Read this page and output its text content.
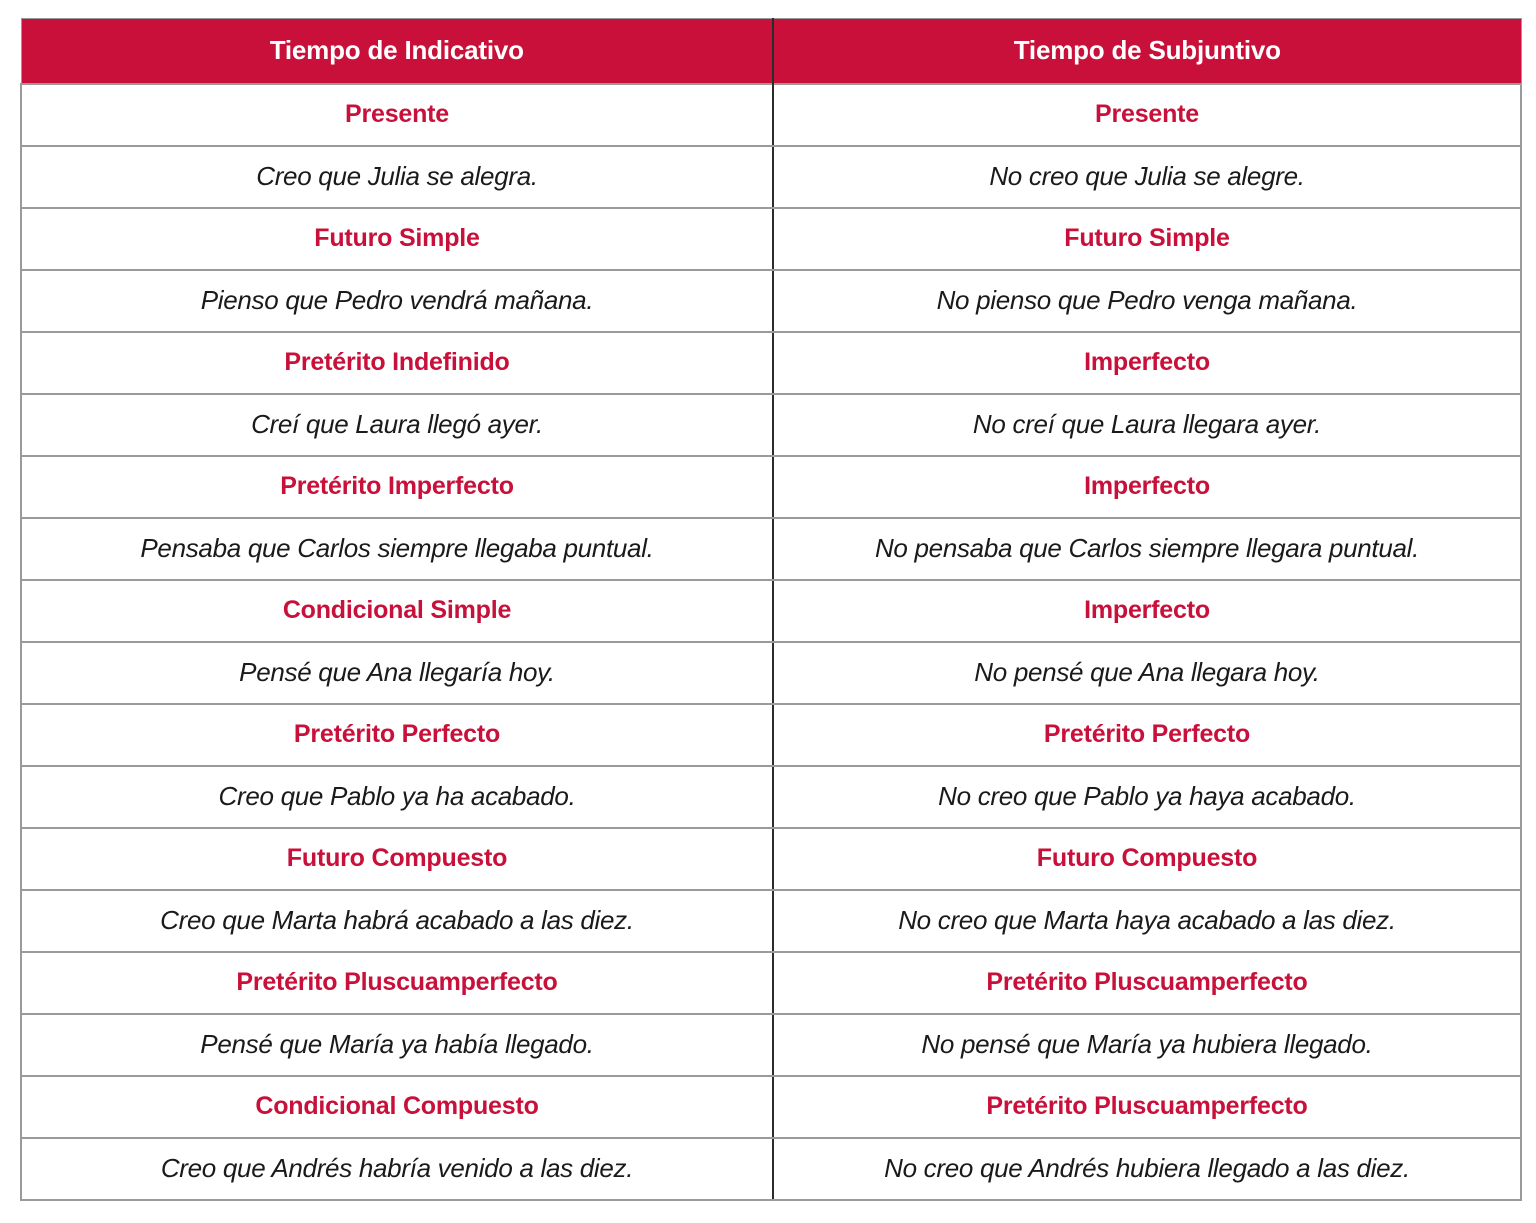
Tiempo de Indicativo	Tiempo de Subjuntivo

Presente	Presente

Creo que Julia se alegra.	No creo que Julia se alegre.

Futuro Simple	Futuro Simple

Pienso que Pedro vendrá mañana.	No pienso que Pedro venga mañana.

Pretérito Indefinido	Imperfecto

Creí que Laura llegó ayer.	No creí que Laura llegara ayer.

Pretérito Imperfecto	Imperfecto

Pensaba que Carlos siempre llegaba puntual.	No pensaba que Carlos siempre llegara puntual.

Condicional Simple	Imperfecto

Pensé que Ana llegaría hoy.	No pensé que Ana llegara hoy.

Pretérito Perfecto	Pretérito Perfecto

Creo que Pablo ya ha acabado.	No creo que Pablo ya haya acabado.

Futuro Compuesto	Futuro Compuesto

Creo que Marta habrá acabado a las diez.	No creo que Marta haya acabado a las diez.

Pretérito Pluscuamperfecto	Pretérito Pluscuamperfecto

Pensé que María ya había llegado.	No pensé que María ya hubiera llegado.

Condicional Compuesto	Pretérito Pluscuamperfecto

Creo que Andrés habría venido a las diez.	No creo que Andrés hubiera llegado a las diez.
